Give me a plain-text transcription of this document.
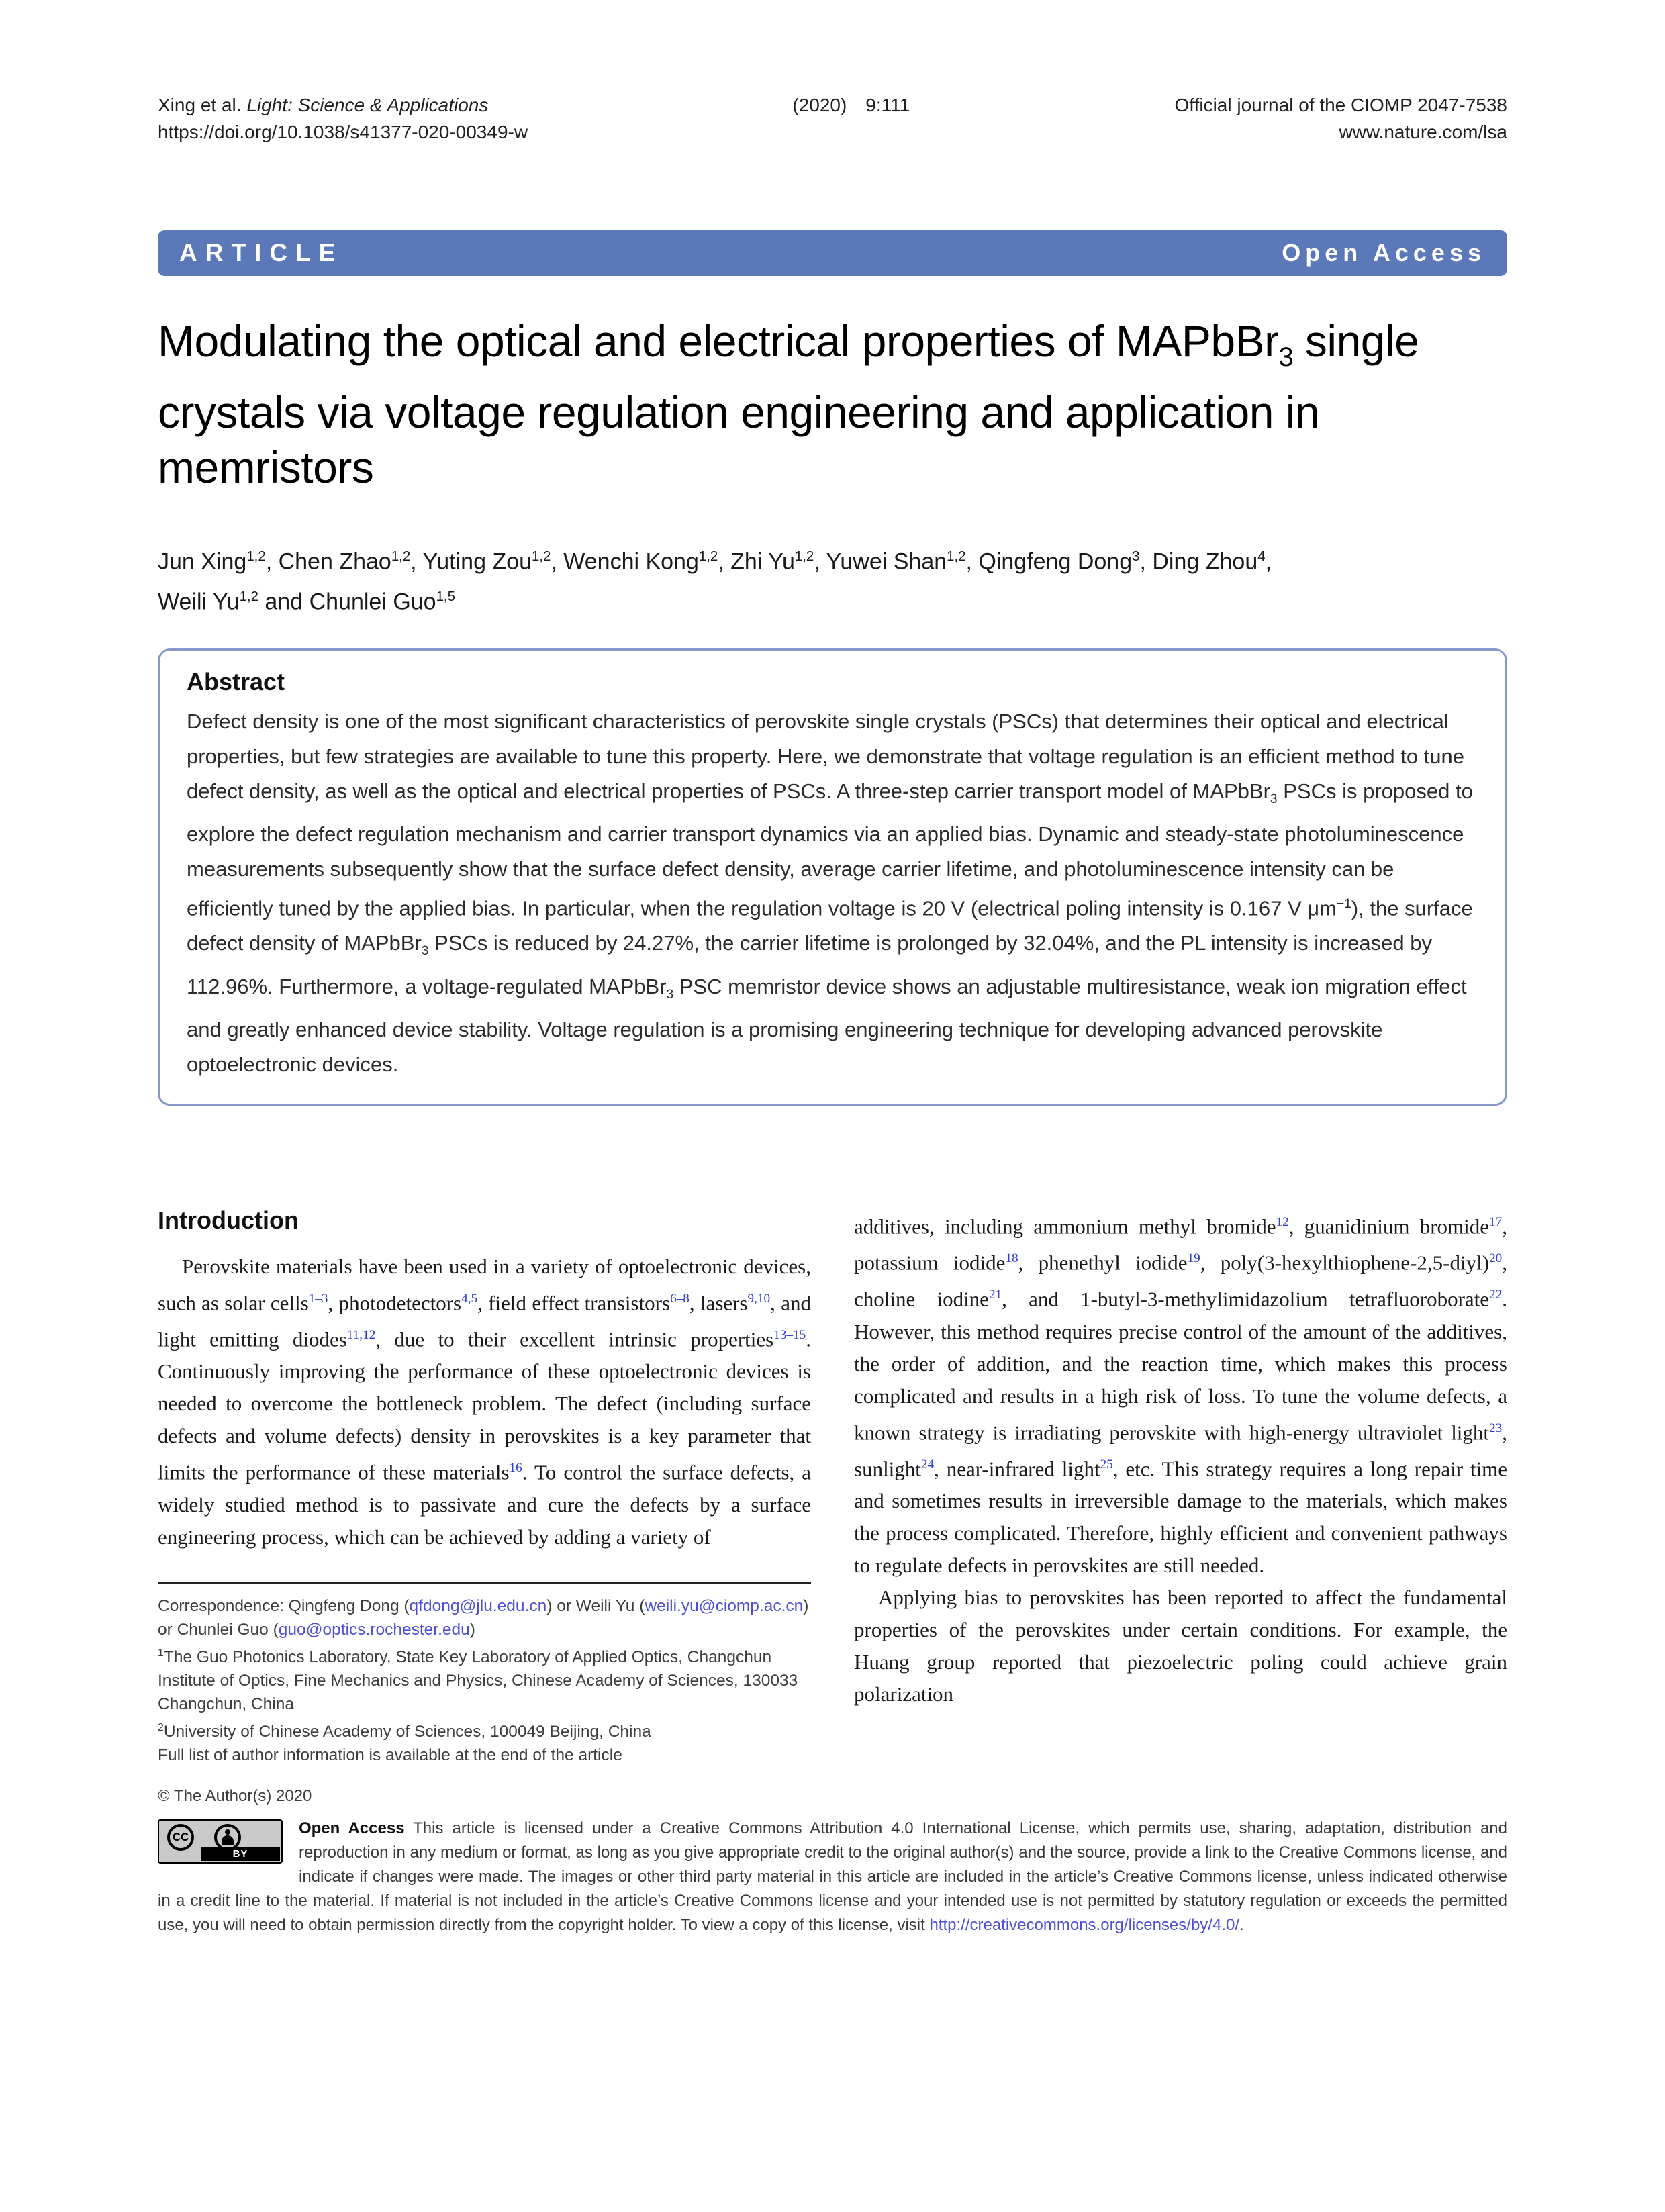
Xing et al. Light: Science & Applications
https://doi.org/10.1038/s41377-020-00349-w
(2020)  9:111	Official journal of the CIOMP 2047-7538
www.nature.com/lsa
ARTICLE	Open Access
Modulating the optical and electrical properties of MAPbBr$_3$ single crystals via voltage regulation engineering and application in memristors
Jun Xing$^{1,2}$, Chen Zhao$^{1,2}$, Yuting Zou$^{1,2}$, Wenchi Kong$^{1,2}$, Zhi Yu$^{1,2}$, Yuwei Shan$^{1,2}$, Qingfeng Dong$^3$, Ding Zhou$^4$,
Weili Yu$^{1,2}$ and Chunlei Guo$^{1,5}$
Abstract
Defect density is one of the most significant characteristics of perovskite single crystals (PSCs) that determines their optical and electrical properties, but few strategies are available to tune this property. Here, we demonstrate that voltage regulation is an efficient method to tune defect density, as well as the optical and electrical properties of PSCs. A three-step carrier transport model of MAPbBr$_3$ PSCs is proposed to explore the defect regulation mechanism and carrier transport dynamics via an applied bias. Dynamic and steady-state photoluminescence measurements subsequently show that the surface defect density, average carrier lifetime, and photoluminescence intensity can be efficiently tuned by the applied bias. In particular, when the regulation voltage is 20 V (electrical poling intensity is 0.167 V $\mu m^{-1}$), the surface defect density of MAPbBr$_3$ PSCs is reduced by 24.27%, the carrier lifetime is prolonged by 32.04%, and the PL intensity is increased by 112.96%. Furthermore, a voltage-regulated MAPbBr$_3$ PSC memristor device shows an adjustable multiresistance, weak ion migration effect and greatly enhanced device stability. Voltage regulation is a promising engineering technique for developing advanced perovskite optoelectronic devices.
Introduction

Perovskite materials have been used in a variety of optoelectronic devices, such as solar cells$^{1-3}$, photodetectors$^{4,5}$, field effect transistors$^{6-8}$, lasers$^{9,10}$, and light emitting diodes$^{11,12}$, due to their excellent intrinsic properties$^{13-15}$. Continuously improving the performance of these optoelectronic devices is needed to overcome the bottleneck problem. The defect (including surface defects and volume defects) density in perovskites is a key parameter that limits the performance of these materials$^{16}$. To control the surface defects, a widely studied method is to passivate and cure the defects by a surface engineering process, which can be achieved by adding a variety of

Correspondence: Qingfeng Dong (qfdong@jlu.edu.cn) or Weili Yu (weili.yu@ciomp.ac.cn) or Chunlei Guo (guo@optics.rochester.edu)
$^1$The Guo Photonics Laboratory, State Key Laboratory of Applied Optics, Changchun Institute of Optics, Fine Mechanics and Physics, Chinese Academy of Sciences, 130033 Changchun, China
$^2$University of Chinese Academy of Sciences, 100049 Beijing, China
Full list of author information is available at the end of the article

additives, including ammonium methyl bromide$^{12}$, guanidinium bromide$^{17}$, potassium iodide$^{18}$, phenethyl iodide$^{19}$, poly(3-hexylthiophene-2,5-diyl)$^{20}$, choline iodine$^{21}$, and 1-butyl-3-methylimidazolium tetrafluoroborate$^{22}$. However, this method requires precise control of the amount of the additives, the order of addition, and the reaction time, which makes this process complicated and results in a high risk of loss. To tune the volume defects, a known strategy is irradiating perovskite with high-energy ultraviolet light$^{23}$, sunlight$^{24}$, near-infrared light$^{25}$, etc. This strategy requires a long repair time and sometimes results in irreversible damage to the materials, which makes the process complicated. Therefore, highly efficient and convenient pathways to regulate defects in perovskites are still needed.

Applying bias to perovskites has been reported to affect the fundamental properties of the perovskites under certain conditions. For example, the Huang group reported that piezoelectric poling could achieve grain polarization

© The Author(s) 2020
CC
BY
Open Access This article is licensed under a Creative Commons Attribution 4.0 International License, which permits use, sharing, adaptation, distribution and reproduction in any medium or format, as long as you give appropriate credit to the original author(s) and the source, provide a link to the Creative Commons license, and indicate if changes were made. The images or other third party material in this article are included in the article’s Creative Commons license, unless indicated otherwise in a credit line to the material. If material is not included in the article’s Creative Commons license and your intended use is not permitted by statutory regulation or exceeds the permitted use, you will need to obtain permission directly from the copyright holder. To view a copy of this license, visit http://creativecommons.org/licenses/by/4.0/.
